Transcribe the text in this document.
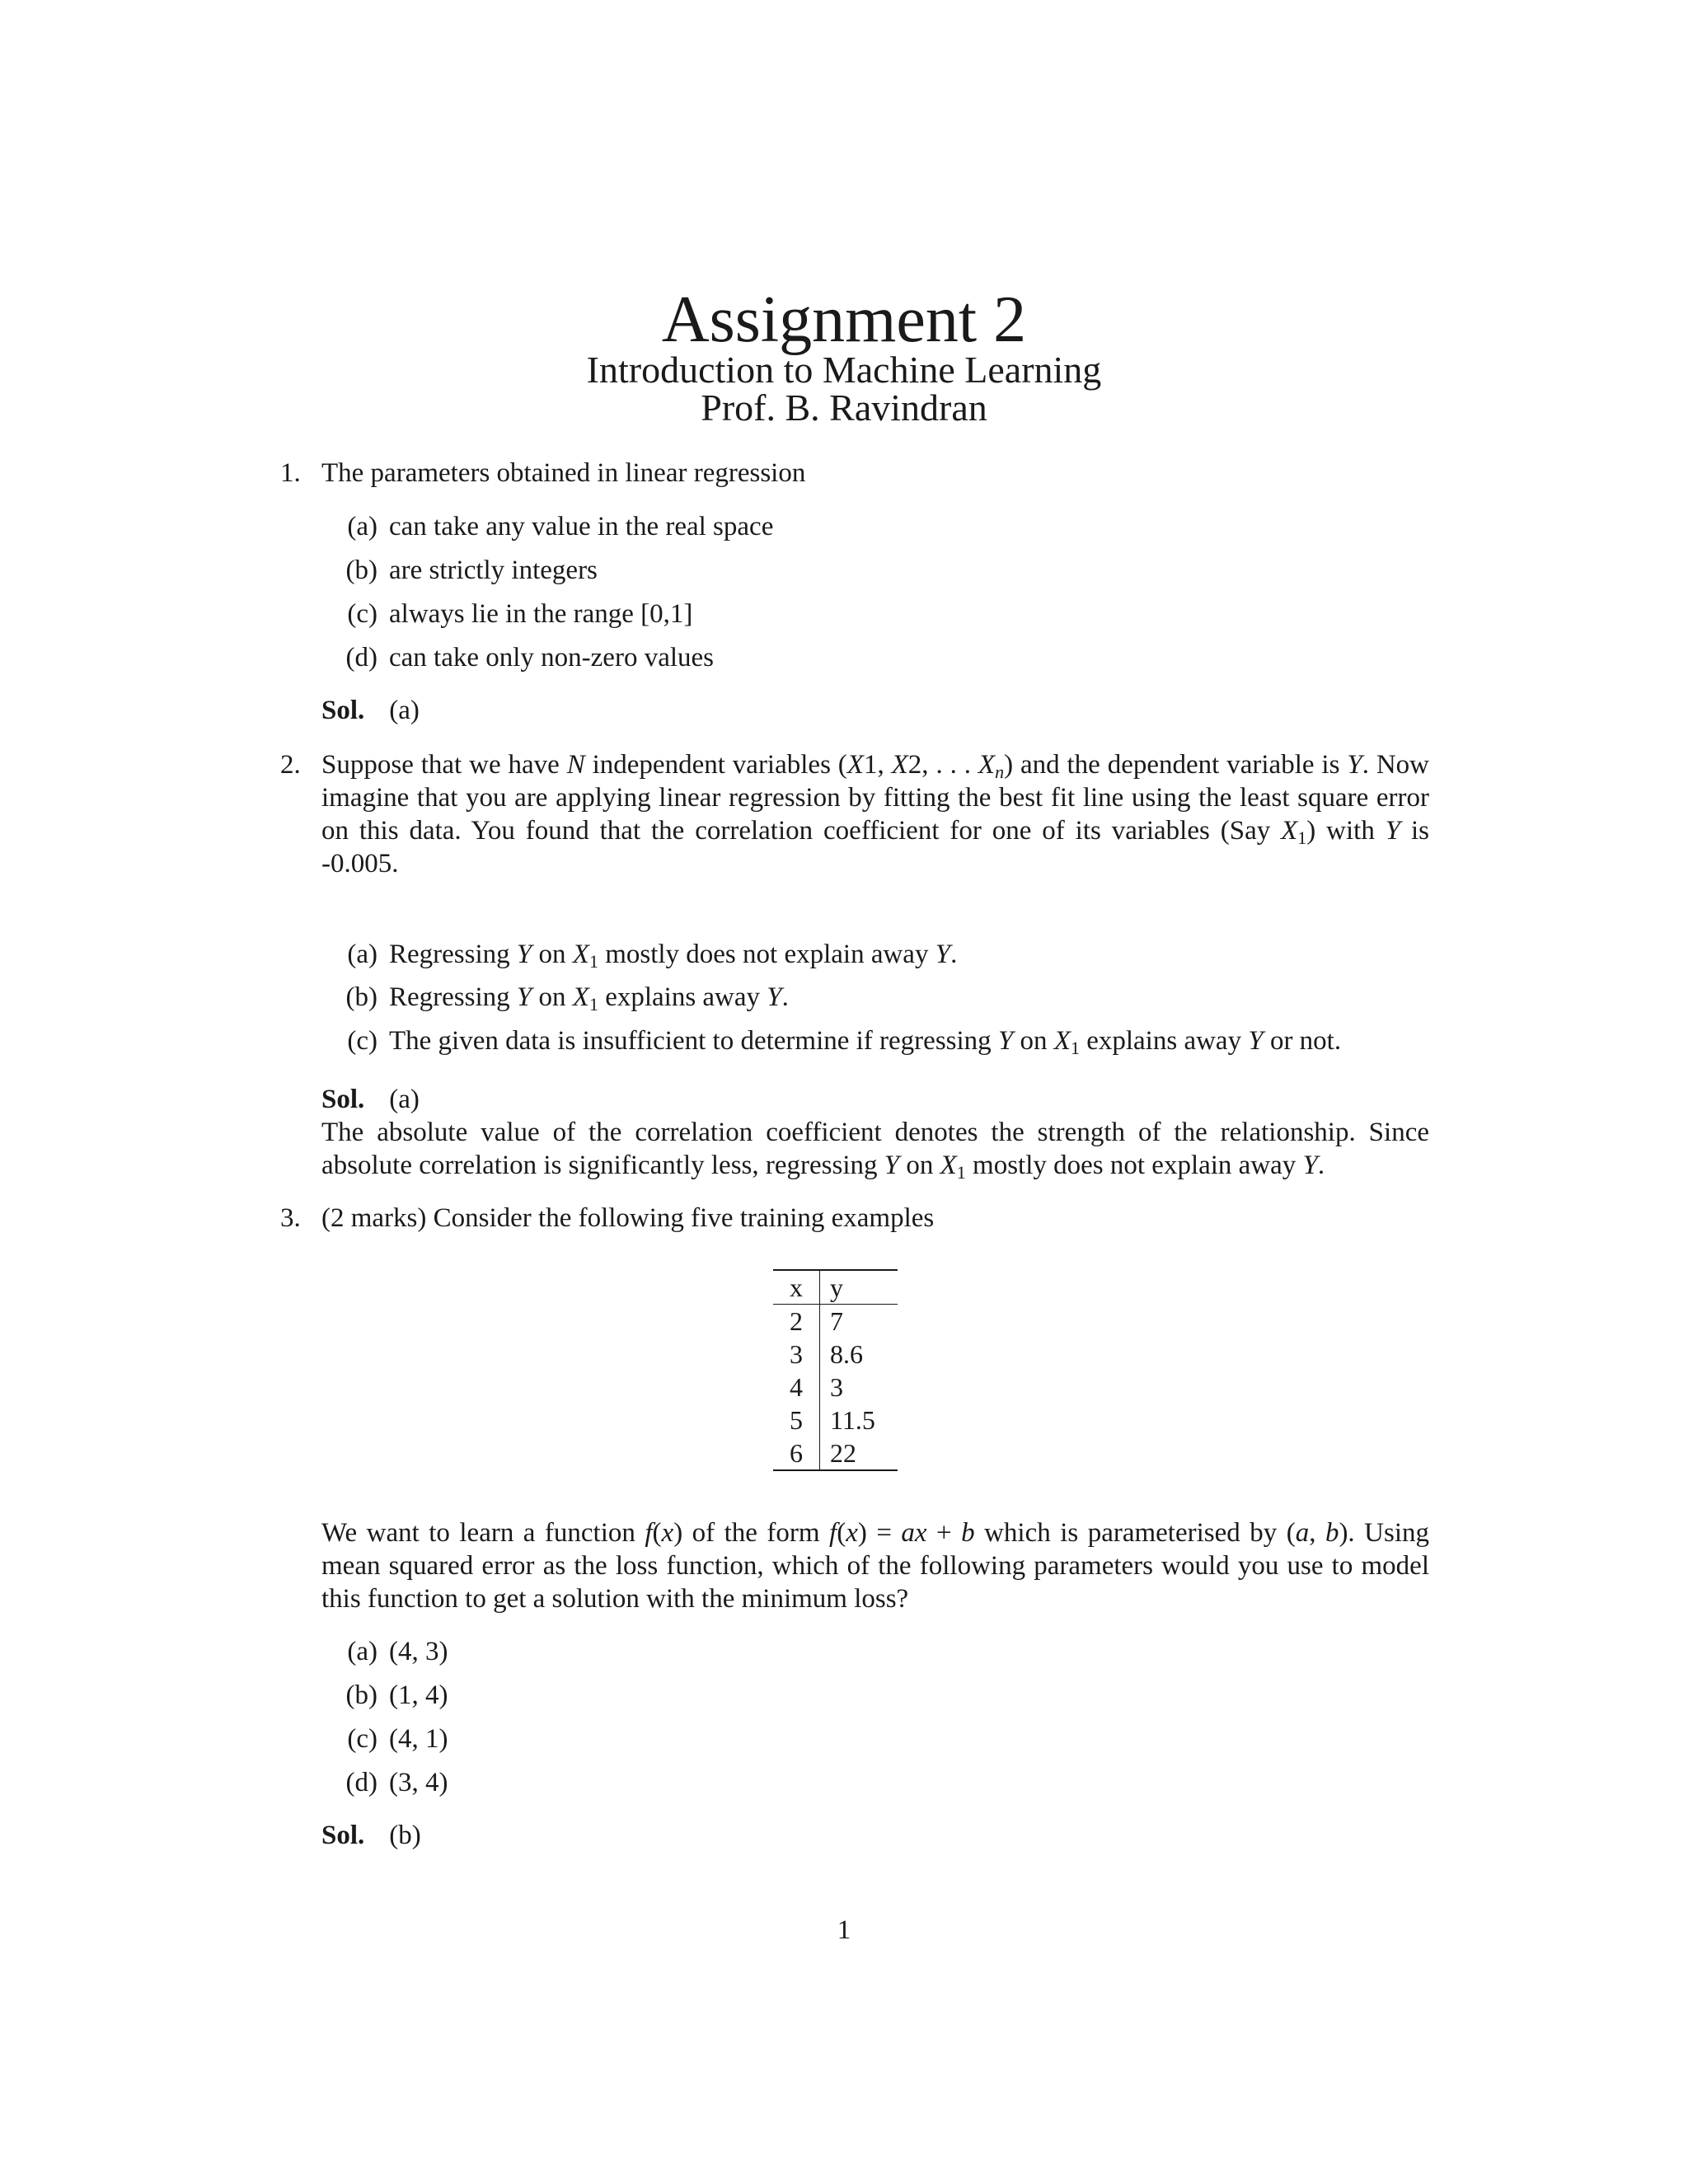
Assignment 2
Introduction to Machine Learning
Prof. B. Ravindran
1. The parameters obtained in linear regression
(a) can take any value in the real space
(b) are strictly integers
(c) always lie in the range [0,1]
(d) can take only non-zero values
Sol. (a)
2. Suppose that we have N independent variables (X1, X2, . . . $X_n$) and the dependent variable is Y. Now imagine that you are applying linear regression by fitting the best fit line using the least square error on this data. You found that the correlation coefficient for one of its variables (Say $X_1$) with Y is -0.005.
(a) Regressing Y on $X_1$ mostly does not explain away Y.
(b) Regressing Y on $X_1$ explains away Y.
(c) The given data is insufficient to determine if regressing Y on $X_1$ explains away Y or not.
Sol. (a)
The absolute value of the correlation coefficient denotes the strength of the relationship. Since absolute correlation is significantly less, regressing Y on $X_1$ mostly does not explain away Y.
3. (2 marks) Consider the following five training examples
x	y
2	7
3	8.6
4	3
5	11.5
6	22
We want to learn a function f(x) of the form f(x) = ax + b which is parameterised by (a, b). Using mean squared error as the loss function, which of the following parameters would you use to model this function to get a solution with the minimum loss?
(a) (4, 3)
(b) (1, 4)
(c) (4, 1)
(d) (3, 4)
Sol. (b)
1
